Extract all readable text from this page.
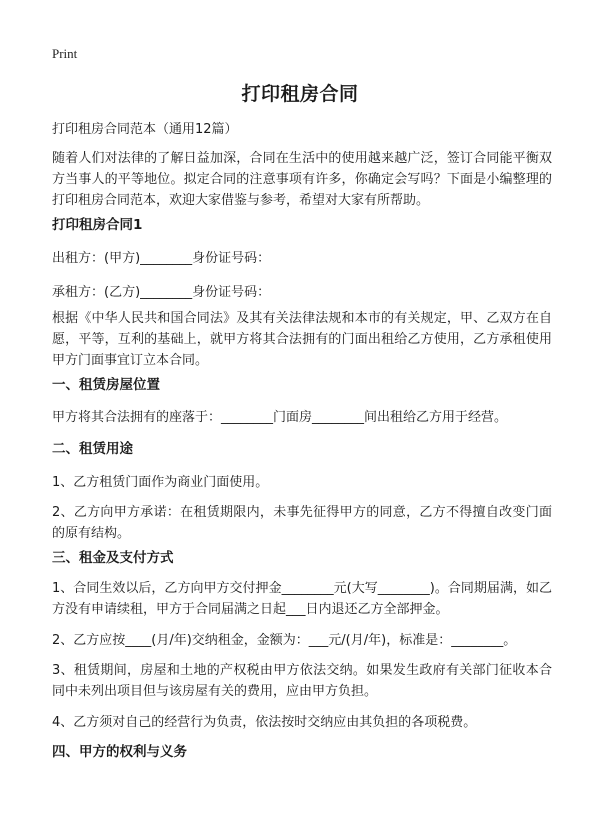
Print
打印租房合同

打印租房合同范本（通用12篇）

随着人们对法律的了解日益加深，合同在生活中的使用越来越广泛，签订合同能平衡双方当事人的平等地位。拟定合同的注意事项有许多，你确定会写吗？下面是小编整理的打印租房合同范本，欢迎大家借鉴与参考，希望对大家有所帮助。

打印租房合同1

出租方：(甲方)________身份证号码：

承租方：(乙方)________身份证号码：

根据《中华人民共和国合同法》及其有关法律法规和本市的有关规定，甲、乙双方在自愿，平等，互利的基础上，就甲方将其合法拥有的门面出租给乙方使用，乙方承租使用甲方门面事宜订立本合同。

一、租赁房屋位置

甲方将其合法拥有的座落于：________门面房________间出租给乙方用于经营。

二、租赁用途

1、乙方租赁门面作为商业门面使用。

2、乙方向甲方承诺：在租赁期限内，未事先征得甲方的同意，乙方不得擅自改变门面的原有结构。

三、租金及支付方式

1、合同生效以后，乙方向甲方交付押金________元(大写________)。合同期届满，如乙方没有申请续租，甲方于合同届满之日起___日内退还乙方全部押金。

2、乙方应按____(月/年)交纳租金，金额为：___元/(月/年)，标准是：________。

3、租赁期间，房屋和土地的产权税由甲方依法交纳。如果发生政府有关部门征收本合同中未列出项目但与该房屋有关的费用，应由甲方负担。

4、乙方须对自己的经营行为负责，依法按时交纳应由其负担的各项税费。

四、甲方的权利与义务
